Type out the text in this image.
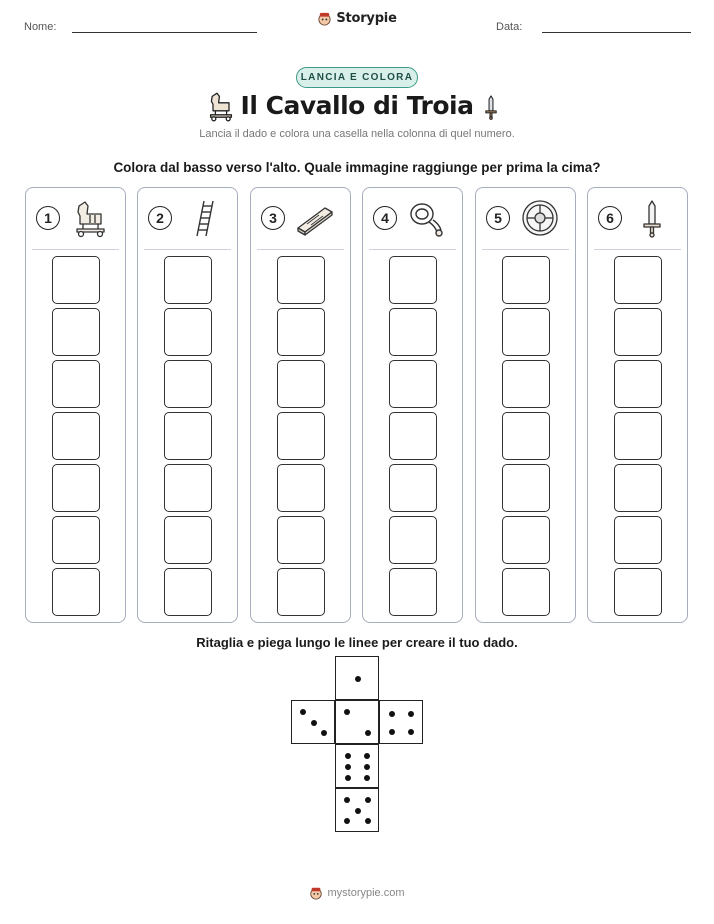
Nome:
Storypie
Data:
LANCIA E COLORA
Il Cavallo di Troia
Lancia il dado e colora una casella nella colonna di quel numero.
Colora dal basso verso l'alto. Quale immagine raggiunge per prima la cima?
1	2	3	4	5	6
Ritaglia e piega lungo le linee per creare il tuo dado.
mystorypie.com
